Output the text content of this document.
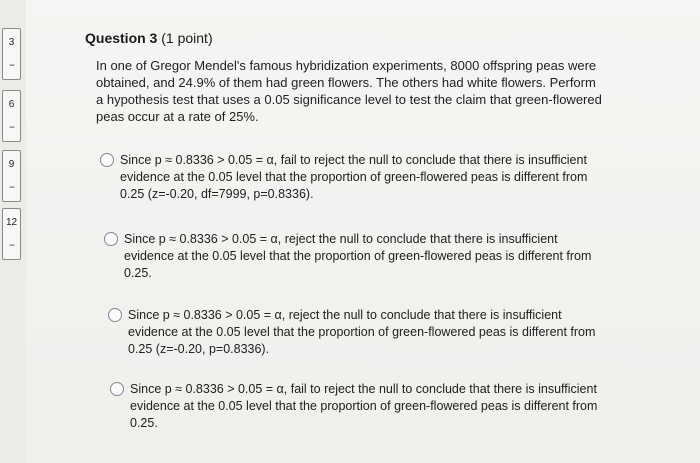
3
--
6
--
9
--
12
--
Question 3 (1 point)
In one of Gregor Mendel's famous hybridization experiments, 8000 offspring peas were obtained, and 24.9% of them had green flowers. The others had white flowers. Perform a hypothesis test that uses a 0.05 significance level to test the claim that green-flowered peas occur at a rate of 25%.
Since p ≈ 0.8336 > 0.05 = α, fail to reject the null to conclude that there is insufficient evidence at the 0.05 level that the proportion of green-flowered peas is different from 0.25 (z=-0.20, df=7999, p=0.8336).
Since p ≈ 0.8336 > 0.05 = α, reject the null to conclude that there is insufficient evidence at the 0.05 level that the proportion of green-flowered peas is different from 0.25.
Since p ≈ 0.8336 > 0.05 = α, reject the null to conclude that there is insufficient evidence at the 0.05 level that the proportion of green-flowered peas is different from 0.25 (z=-0.20, p=0.8336).
Since p ≈ 0.8336 > 0.05 = α, fail to reject the null to conclude that there is insufficient evidence at the 0.05 level that the proportion of green-flowered peas is different from 0.25.
